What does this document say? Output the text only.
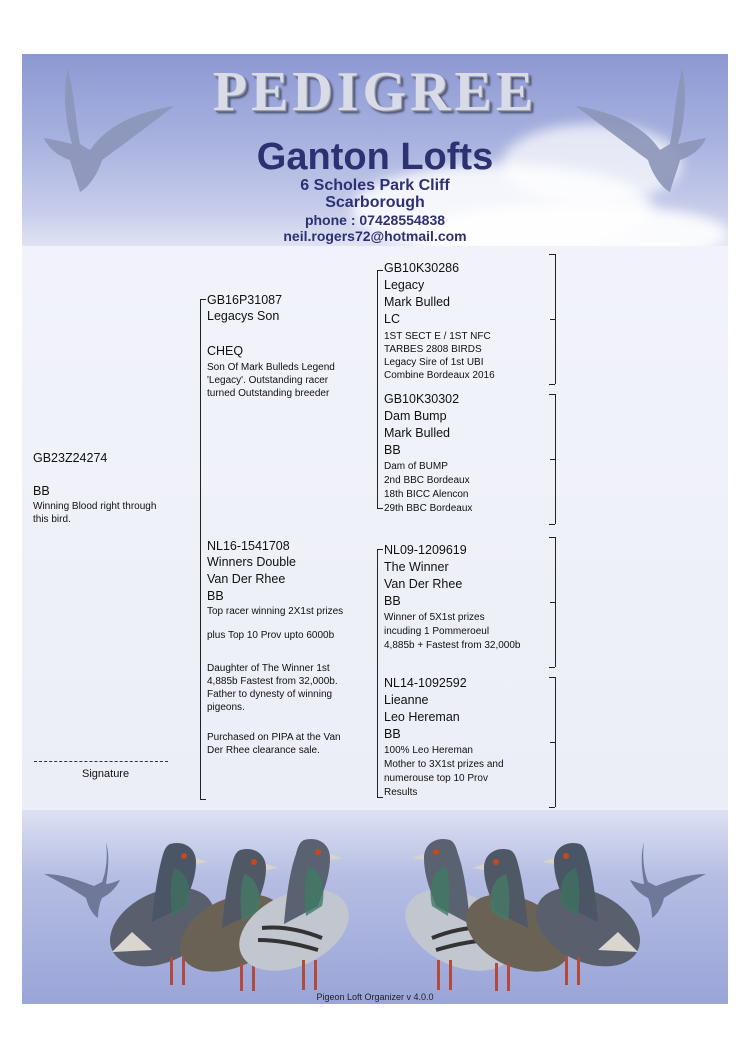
PEDIGREE
Ganton Lofts
6 Scholes Park Cliff
Scarborough
phone : 07428554838
neil.rogers72@hotmail.com
GB23Z24274
BB
Winning Blood right through
this bird.
Signature
GB16P31087
Legacys Son
CHEQ
Son Of Mark Bulleds Legend
'Legacy'. Outstanding racer
turned Outstanding breeder
NL16-1541708
Winners Double
Van Der Rhee
BB
Top racer winning 2X1st prizes
plus Top 10 Prov upto 6000b
Daughter of The Winner 1st
4,885b Fastest from 32,000b.
Father to dynesty of winning
pigeons.
Purchased on PIPA at the Van
Der Rhee clearance sale.
GB10K30286
Legacy
Mark Bulled
LC
1ST SECT E / 1ST NFC
TARBES 2808 BIRDS
Legacy Sire of 1st UBI
Combine Bordeaux 2016
GB10K30302
Dam Bump
Mark Bulled
BB
Dam of BUMP
2nd BBC Bordeaux
18th BICC Alencon
29th BBC Bordeaux
NL09-1209619
The Winner
Van Der Rhee
BB
Winner of 5X1st prizes
incuding 1 Pommeroeul
4,885b + Fastest from 32,000b
NL14-1092592
Lieanne
Leo Hereman
BB
100% Leo Hereman
Mother to 3X1st prizes and
numerouse top 10 Prov
Results
Pigeon Loft Organizer v 4.0.0
